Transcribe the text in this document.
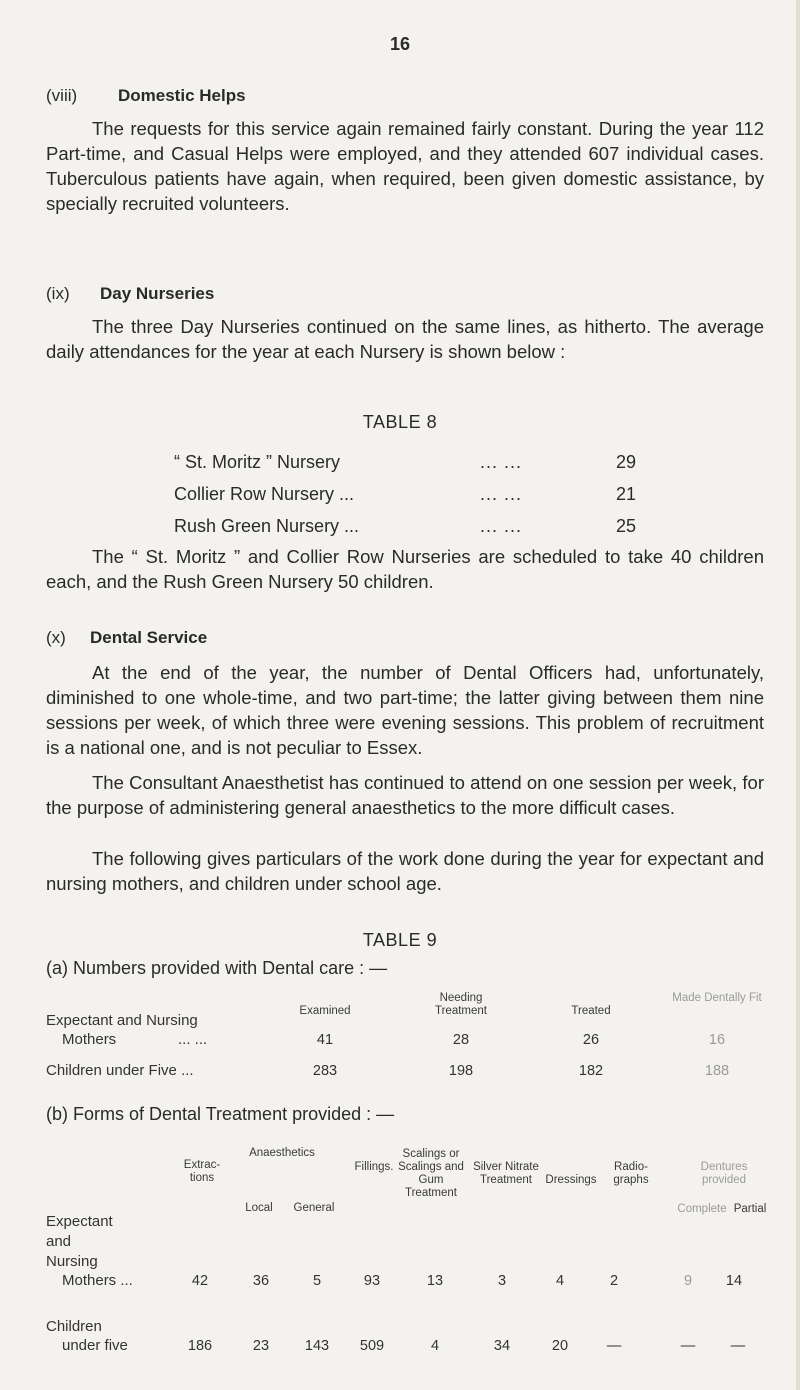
16
(viii) Domestic Helps

The requests for this service again remained fairly constant. During the year 112 Part-time, and Casual Helps were employed, and they attended 607 individual cases. Tuberculous patients have again, when required, been given domestic assistance, by specially recruited volunteers.

(ix) Day Nurseries

The three Day Nurseries continued on the same lines, as hitherto. The average daily attendances for the year at each Nursery is shown below :

TABLE 8
“ St. Moritz ” Nursery	... ...	29
Collier Row Nursery ...	... ...	21
Rush Green Nursery ...	... ...	25

The “ St. Moritz ” and Collier Row Nurseries are scheduled to take 40 children each, and the Rush Green Nursery 50 children.

(x) Dental Service

At the end of the year, the number of Dental Officers had, unfortunately, diminished to one whole-time, and two part-time; the latter giving between them nine sessions per week, of which three were evening sessions. This problem of recruitment is a national one, and is not peculiar to Essex.

The Consultant Anaesthetist has continued to attend on one session per week, for the purpose of administering general anaesthetics to the more difficult cases.

The following gives particulars of the work done during the year for expectant and nursing mothers, and children under school age.

TABLE 9
(a) Numbers provided with Dental care : —
Examined
Needing Treatment	Treated
Made Dentally Fit
Expectant and Nursing
Mothers	... ...	41	28	26	16
Children under Five ...	283	198	182	188
(b) Forms of Dental Treatment provided : —
Extrac- tions
Anaesthetics
Local	General
Fillings.
Scalings or Scalings and Gum Treatment
Silver Nitrate Treatment	Dressings
Radio- graphs
Dentures provided
Complete Partial
Expectant
and
Nursing
Mothers ...	42	36	5	93	13	3	4	2	9	14
Children
under five	186	23	143	509	4	34	20	—	—	—
